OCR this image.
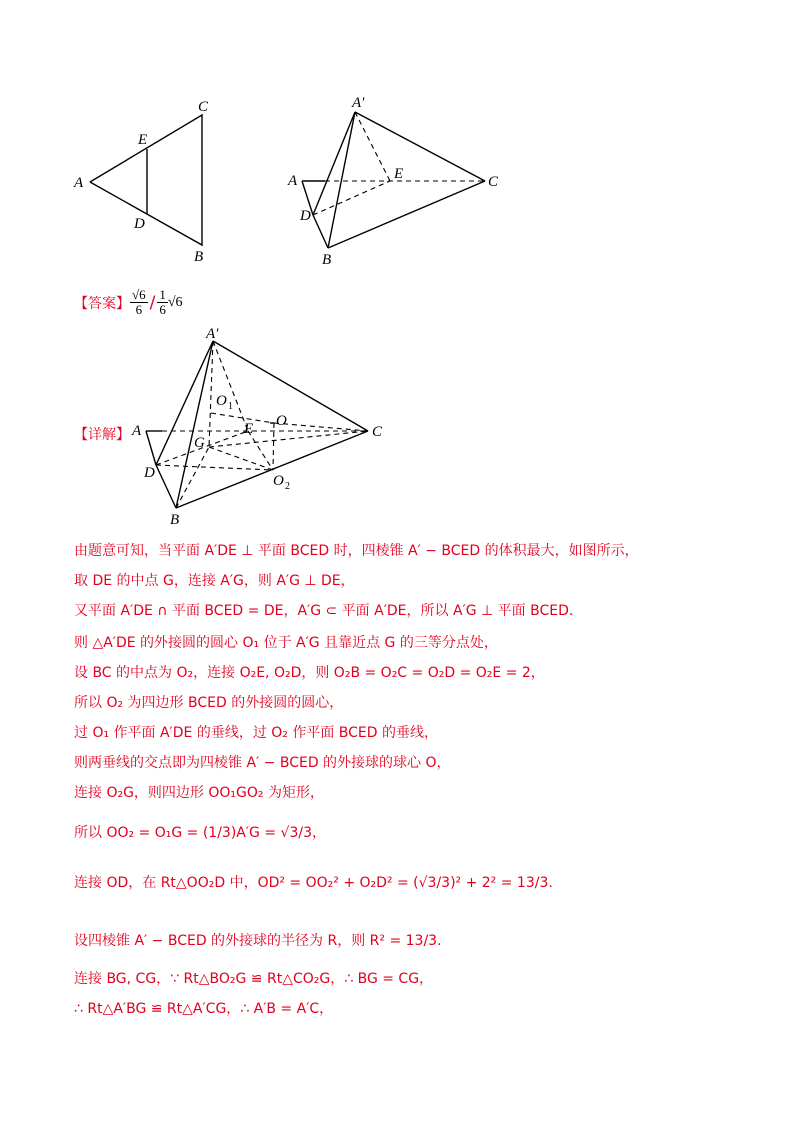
A
C
B
E
D
A′
A	C
B
E
D
【答案】 $\frac{√6}{6} / \frac{1}{6} √6$
【详解】
A′
A	C
B
D
E
G
O
O 1
O 2
由题意可知，当平面 A′DE ⊥ 平面 BCED 时，四棱锥 A′ − BCED 的体积最大，如图所示，
取 DE 的中点 G，连接 A′G，则 A′G ⊥ DE，
又平面 A′DE ∩ 平面 BCED = DE，A′G ⊂ 平面 A′DE，所以 A′G ⊥ 平面 BCED.
则 △A′DE 的外接圆的圆心 O₁ 位于 A′G 且靠近点 G 的三等分点处，
设 BC 的中点为 O₂，连接 O₂E, O₂D，则 O₂B = O₂C = O₂D = O₂E = 2，
所以 O₂ 为四边形 BCED 的外接圆的圆心，
过 O₁ 作平面 A′DE 的垂线，过 O₂ 作平面 BCED 的垂线，
则两垂线的交点即为四棱锥 A′ − BCED 的外接球的球心 O，
连接 O₂G，则四边形 OO₁GO₂ 为矩形，
所以 OO₂ = O₁G = (1/3)A′G = √3/3，
连接 OD，在 Rt△OO₂D 中，OD² = OO₂² + O₂D² = (√3/3)² + 2² = 13/3.
设四棱锥 A′ − BCED 的外接球的半径为 R，则 R² = 13/3.
连接 BG, CG，∵ Rt△BO₂G ≌ Rt△CO₂G，∴ BG = CG，
∴ Rt△A′BG ≌ Rt△A′CG，∴ A′B = A′C，
